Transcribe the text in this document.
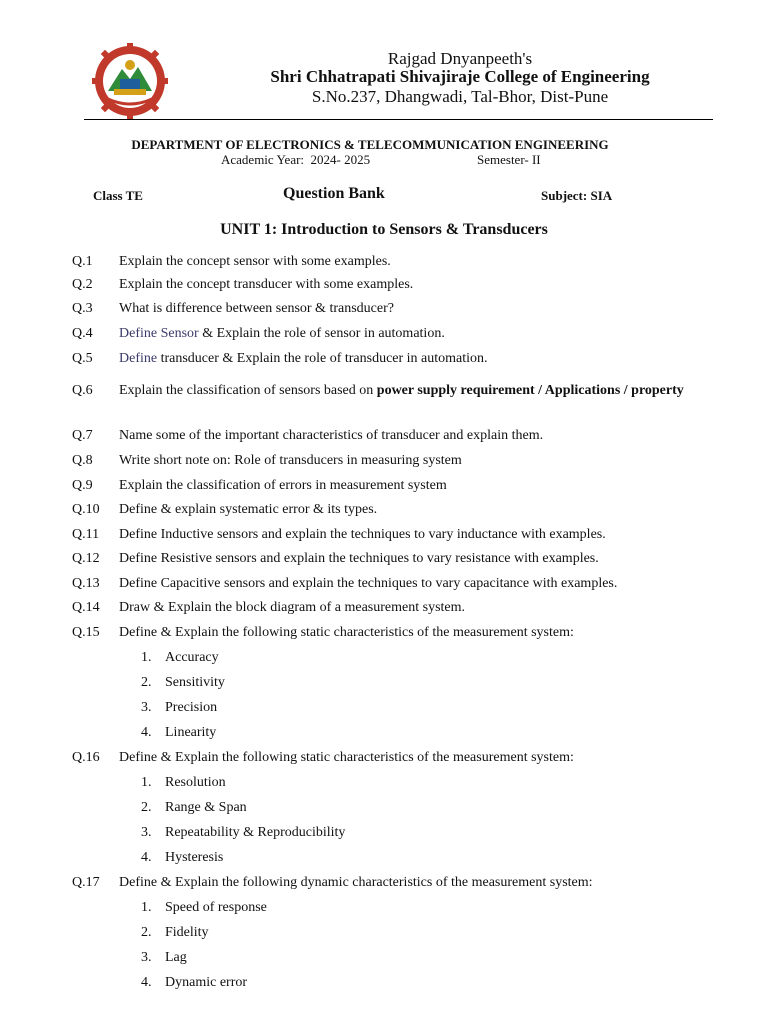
Rajgad Dnyanpeeth's
Shri Chhatrapati Shivajiraje College of Engineering
S.No.237, Dhangwadi, Tal-Bhor, Dist-Pune
DEPARTMENT OF ELECTRONICS & TELECOMMUNICATION ENGINEERING
Academic Year:  2024- 2025	Semester- II
Class TE	Question Bank	Subject: SIA
UNIT 1: Introduction to Sensors & Transducers
Q.1	Explain the concept sensor with some examples.
Q.2	Explain the concept transducer with some examples.
Q.3	What is difference between sensor & transducer?
Q.4	Define Sensor & Explain the role of sensor in automation.
Q.5	Define transducer & Explain the role of transducer in automation.
Q.6	Explain the classification of sensors based on power supply requirement / Applications / property
Q.7	Name some of the important characteristics of transducer and explain them.
Q.8	Write short note on: Role of transducers in measuring system
Q.9	Explain the classification of errors in measurement system
Q.10	Define & explain systematic error & its types.
Q.11	Define Inductive sensors and explain the techniques to vary inductance with examples.
Q.12	Define Resistive sensors and explain the techniques to vary resistance with examples.
Q.13	Define Capacitive sensors and explain the techniques to vary capacitance with examples.
Q.14	Draw & Explain the block diagram of a measurement system.
Q.15	Define & Explain the following static characteristics of the measurement system:
1. Accuracy
2. Sensitivity
3. Precision
4. Linearity
Q.16	Define & Explain the following static characteristics of the measurement system:
1. Resolution
2. Range & Span
3. Repeatability & Reproducibility
4. Hysteresis
Q.17	Define & Explain the following dynamic characteristics of the measurement system:
1. Speed of response
2. Fidelity
3. Lag
4. Dynamic error
